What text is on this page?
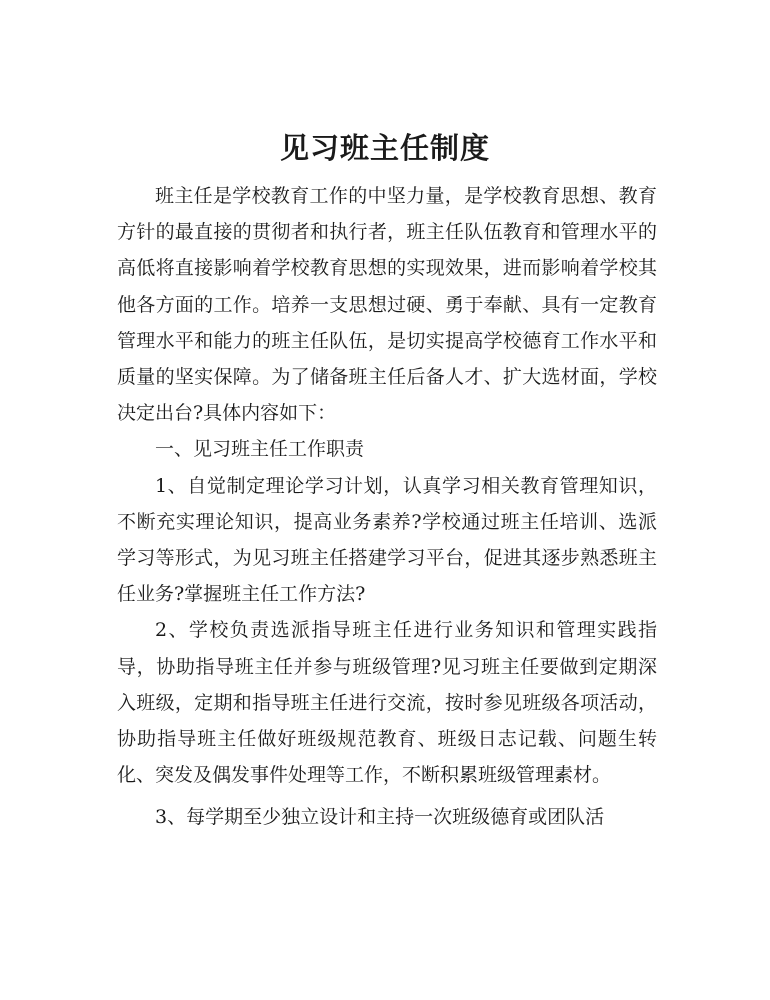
见习班主任制度

班主任是学校教育工作的中坚力量，是学校教育思想、教育方针的最直接的贯彻者和执行者，班主任队伍教育和管理水平的高低将直接影响着学校教育思想的实现效果，进而影响着学校其他各方面的工作。培养一支思想过硬、勇于奉献、具有一定教育管理水平和能力的班主任队伍，是切实提高学校德育工作水平和质量的坚实保障。为了储备班主任后备人才、扩大选材面，学校决定出台?具体内容如下：

一、见习班主任工作职责

1、自觉制定理论学习计划，认真学习相关教育管理知识，不断充实理论知识，提高业务素养?学校通过班主任培训、选派学习等形式，为见习班主任搭建学习平台，促进其逐步熟悉班主任业务?掌握班主任工作方法?

2、学校负责选派指导班主任进行业务知识和管理实践指导，协助指导班主任并参与班级管理?见习班主任要做到定期深入班级，定期和指导班主任进行交流，按时参见班级各项活动，协助指导班主任做好班级规范教育、班级日志记载、问题生转化、突发及偶发事件处理等工作，不断积累班级管理素材。

3、每学期至少独立设计和主持一次班级德育或团队活
